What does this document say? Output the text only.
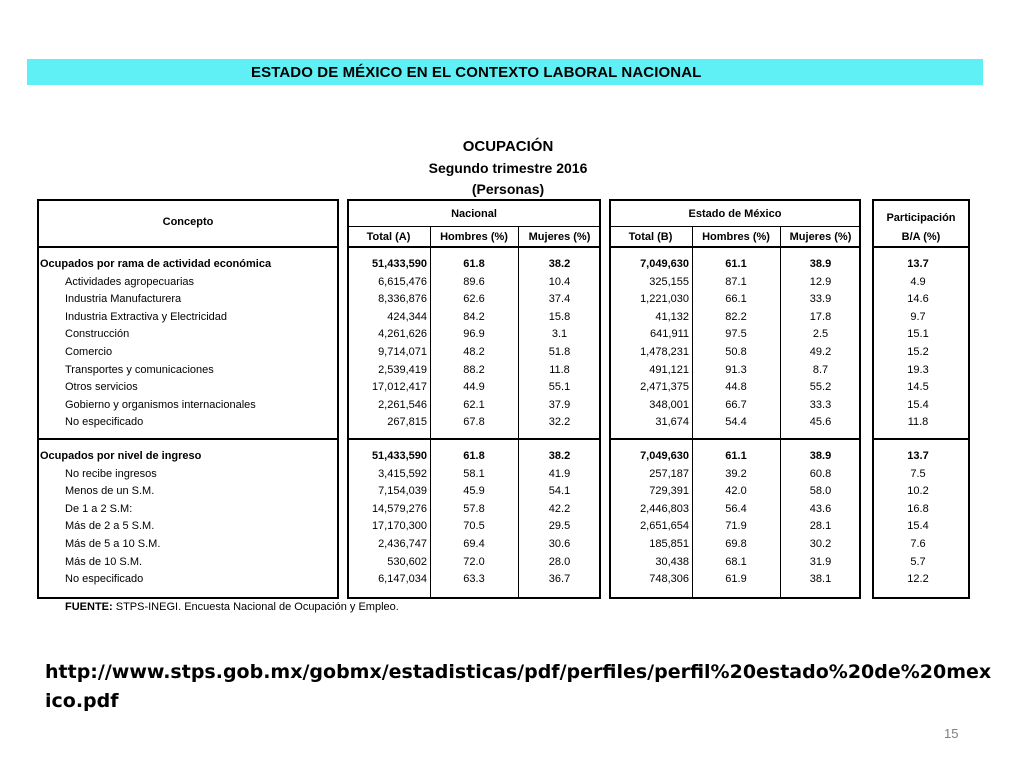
ESTADO DE MÉXICO EN EL CONTEXTO LABORAL NACIONAL
OCUPACIÓN
Segundo trimestre 2016
(Personas)
Concepto
Nacional	Estado de México	Participación
B/A (%)
Total (A)	Hombres (%)	Mujeres (%)	Total (B)	Hombres (%)	Mujeres (%)
Ocupados por rama de actividad económica	51,433,590	61.8	38.2	7,049,630	61.1	38.9	13.7
Actividades agropecuarias	6,615,476	89.6	10.4	325,155	87.1	12.9	4.9
Industria Manufacturera	8,336,876	62.6	37.4	1,221,030	66.1	33.9	14.6
Industria Extractiva y Electricidad	424,344	84.2	15.8	41,132	82.2	17.8	9.7
Construcción	4,261,626	96.9	3.1	641,911	97.5	2.5	15.1
Comercio	9,714,071	48.2	51.8	1,478,231	50.8	49.2	15.2
Transportes y comunicaciones	2,539,419	88.2	11.8	491,121	91.3	8.7	19.3
Otros servicios	17,012,417	44.9	55.1	2,471,375	44.8	55.2	14.5
Gobierno y organismos internacionales	2,261,546	62.1	37.9	348,001	66.7	33.3	15.4
No especificado	267,815	67.8	32.2	31,674	54.4	45.6	11.8
Ocupados por nivel de ingreso	51,433,590	61.8	38.2	7,049,630	61.1	38.9	13.7
No recibe ingresos	3,415,592	58.1	41.9	257,187	39.2	60.8	7.5
Menos de un S.M.	7,154,039	45.9	54.1	729,391	42.0	58.0	10.2
De 1 a 2 S.M:	14,579,276	57.8	42.2	2,446,803	56.4	43.6	16.8
Más de 2 a 5 S.M.	17,170,300	70.5	29.5	2,651,654	71.9	28.1	15.4
Más de 5 a 10 S.M.	2,436,747	69.4	30.6	185,851	69.8	30.2	7.6
Más de 10 S.M.	530,602	72.0	28.0	30,438	68.1	31.9	5.7
No especificado	6,147,034	63.3	36.7	748,306	61.9	38.1	12.2
FUENTE: STPS-INEGI. Encuesta Nacional de Ocupación y Empleo.
http://www.stps.gob.mx/gobmx/estadisticas/pdf/perfiles/perfil%20estado%20de%20mexico.pdf
15
